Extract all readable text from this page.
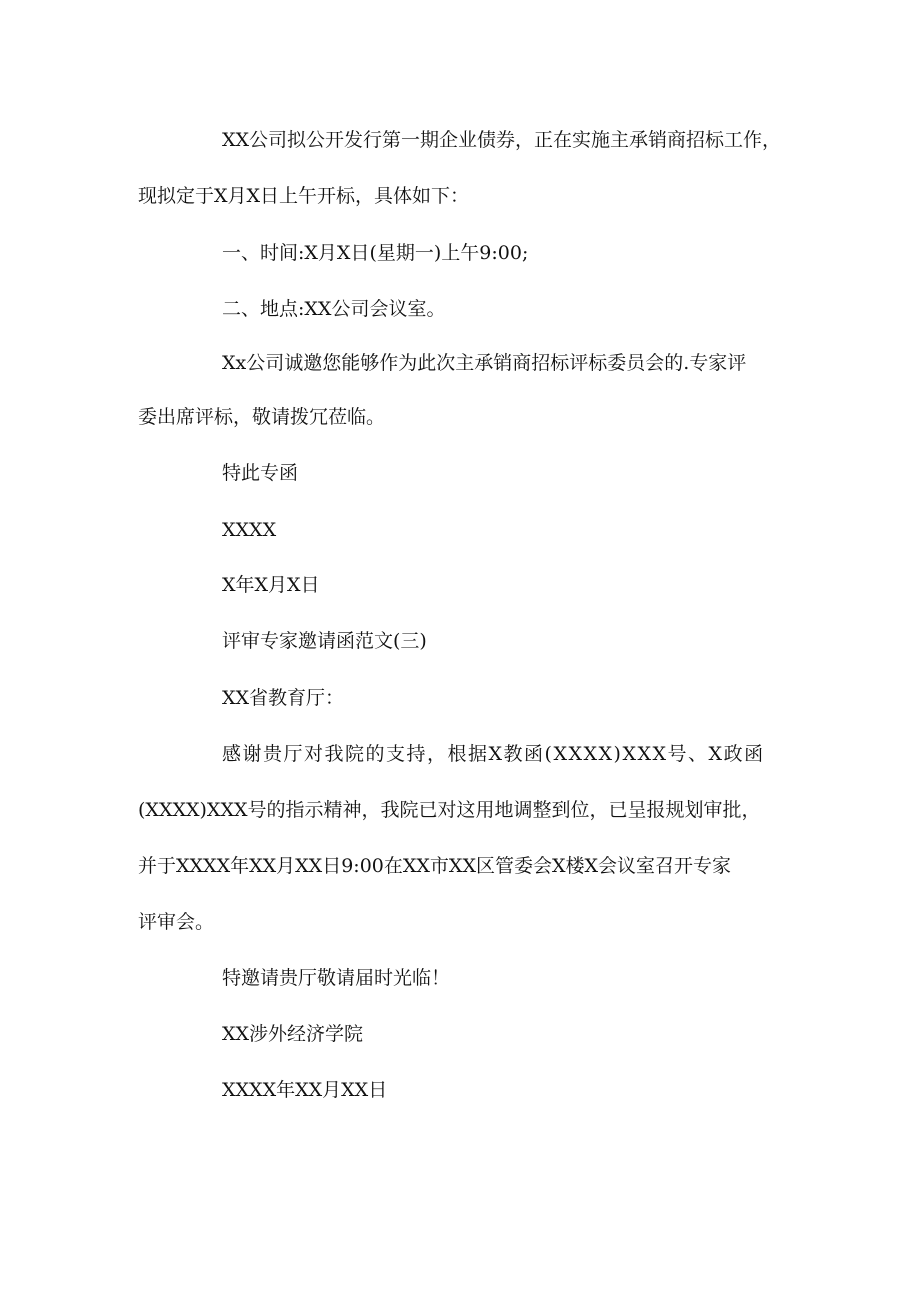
XX公司拟公开发行第一期企业债券，正在实施主承销商招标工作，
现拟定于X月X日上午开标，具体如下：
一、时间:X月X日(星期一)上午9:00;
二、地点:XX公司会议室。
Xx公司诚邀您能够作为此次主承销商招标评标委员会的.专家评
委出席评标，敬请拨冗莅临。
特此专函
XXXX
X年X月X日
评审专家邀请函范文(三)
XX省教育厅：
感谢贵厅对我院的支持，根据X教函(XXXX)XXX号、X政函
(XXXX)XXX号的指示精神，我院已对这用地调整到位，已呈报规划审批，
并于XXXX年XX月XX日9:00在XX市XX区管委会X楼X会议室召开专家
评审会。
特邀请贵厅敬请届时光临！
XX涉外经济学院
XXXX年XX月XX日
